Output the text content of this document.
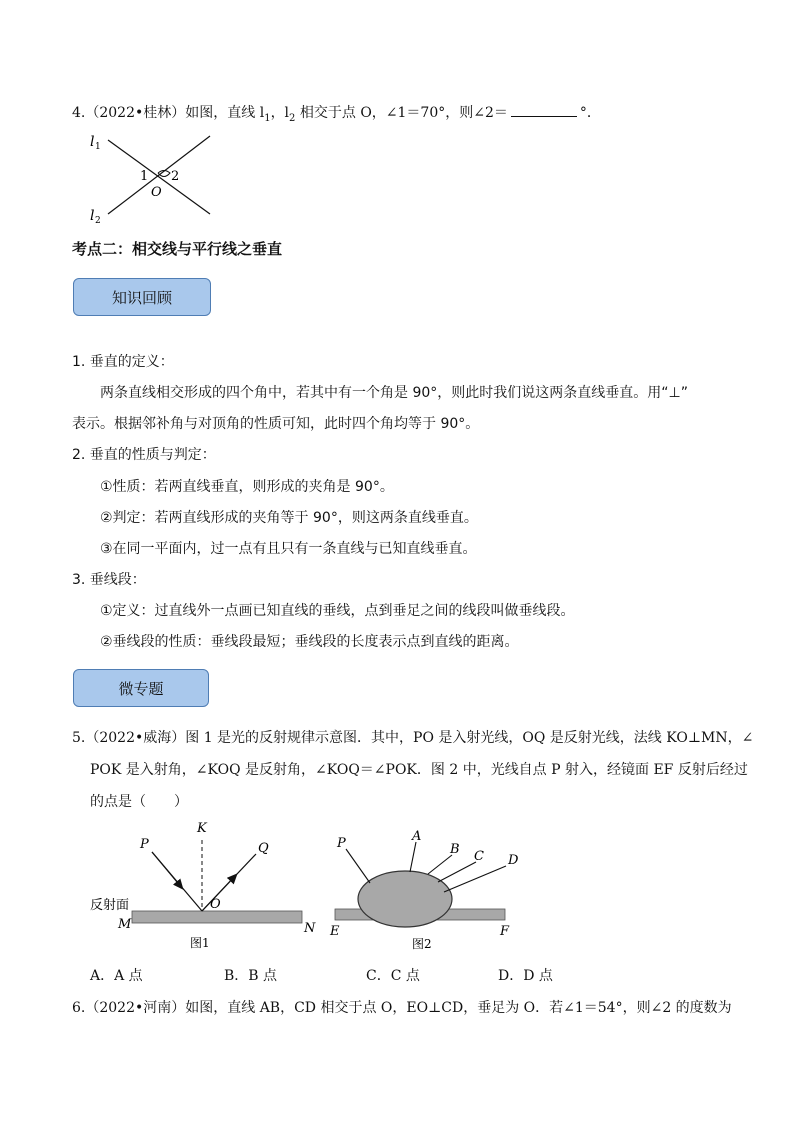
4.（2022•桂林）如图，直线 $l_1$，$l_2$ 相交于点 O，∠1＝70°，则∠2＝	°．
l 1
l 2
1 2
O
考点二：相交线与平行线之垂直
知识回顾
1. 垂直的定义：
两条直线相交形成的四个角中，若其中有一个角是 90°，则此时我们说这两条直线垂直。用“⊥”
表示。根据邻补角与对顶角的性质可知，此时四个角均等于 90°。
2. 垂直的性质与判定：
①性质：若两直线垂直，则形成的夹角是 90°。
②判定：若两直线形成的夹角等于 90°，则这两条直线垂直。
③在同一平面内，过一点有且只有一条直线与已知直线垂直。
3. 垂线段：
①定义：过直线外一点画已知直线的垂线，点到垂足之间的线段叫做垂线段。
②垂线段的性质：垂线段最短；垂线段的长度表示点到直线的距离。
微专题
5.（2022•威海）图 1 是光的反射规律示意图．其中，PO 是入射光线，OQ 是反射光线，法线 KO⊥MN，∠
POK 是入射角，∠KOQ 是反射角，∠KOQ＝∠POK．图 2 中，光线自点 P 射入，经镜面 EF 反射后经过
的点是（　　）
P
K
Q
O
反射面
M	N
图1
P	A
B C D
E	F
图2
A．A 点	B．B 点	C．C 点	D．D 点
6.（2022•河南）如图，直线 AB，CD 相交于点 O，EO⊥CD，垂足为 O．若∠1＝54°，则∠2 的度数为
